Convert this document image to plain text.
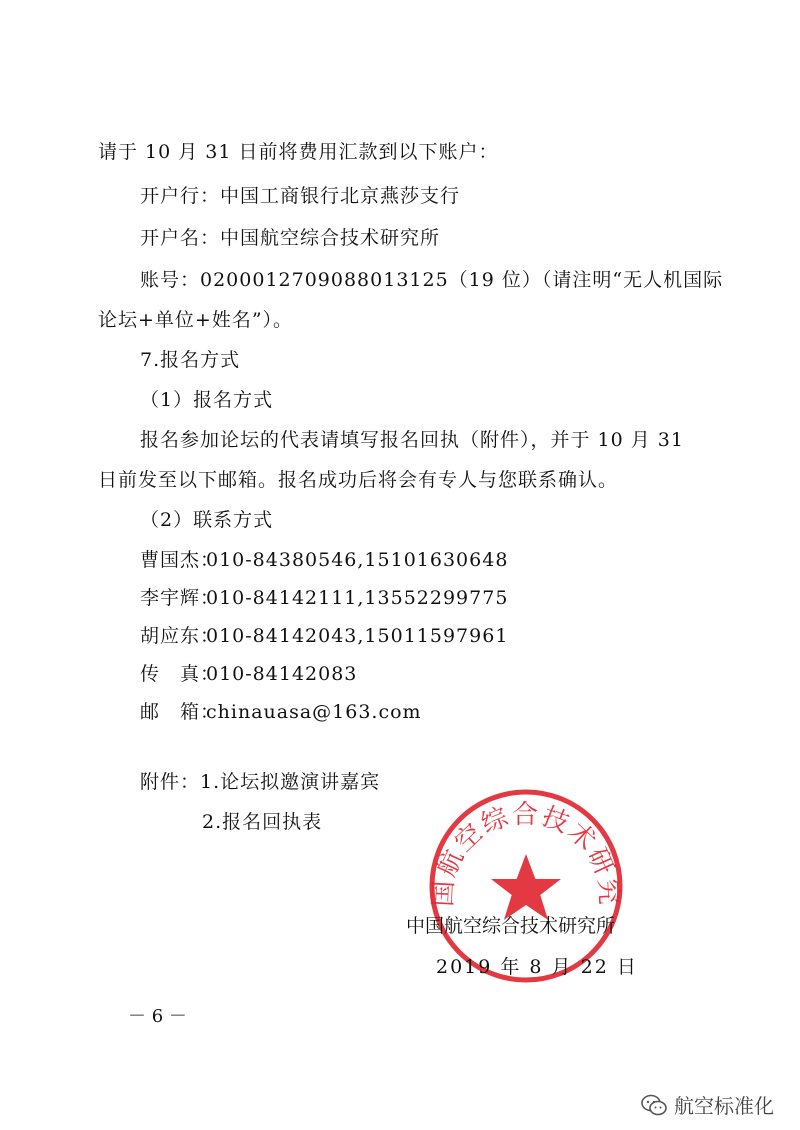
请于 10 月 31 日前将费用汇款到以下账户：
开户行：中国工商银行北京燕莎支行
开户名：中国航空综合技术研究所
账号：0200012709088013125（19 位）（请注明“无人机国际
论坛+单位+姓名”）。
7.报名方式
（1）报名方式
报名参加论坛的代表请填写报名回执（附件），并于 10 月 31
日前发至以下邮箱。报名成功后将会有专人与您联系确认。
（2）联系方式
曹国杰：010-84380546,15101630648
李宇辉：010-84142111,13552299775
胡应东：010-84142043,15011597961
传　真：010-84142083
邮　箱：chinauasa@163.com
附件：1.论坛拟邀演讲嘉宾
2.报名回执表
国航空综合技术研究
中国航空综合技术研究所
2019 年 8 月 22 日
－ 6 －
航空标准化
